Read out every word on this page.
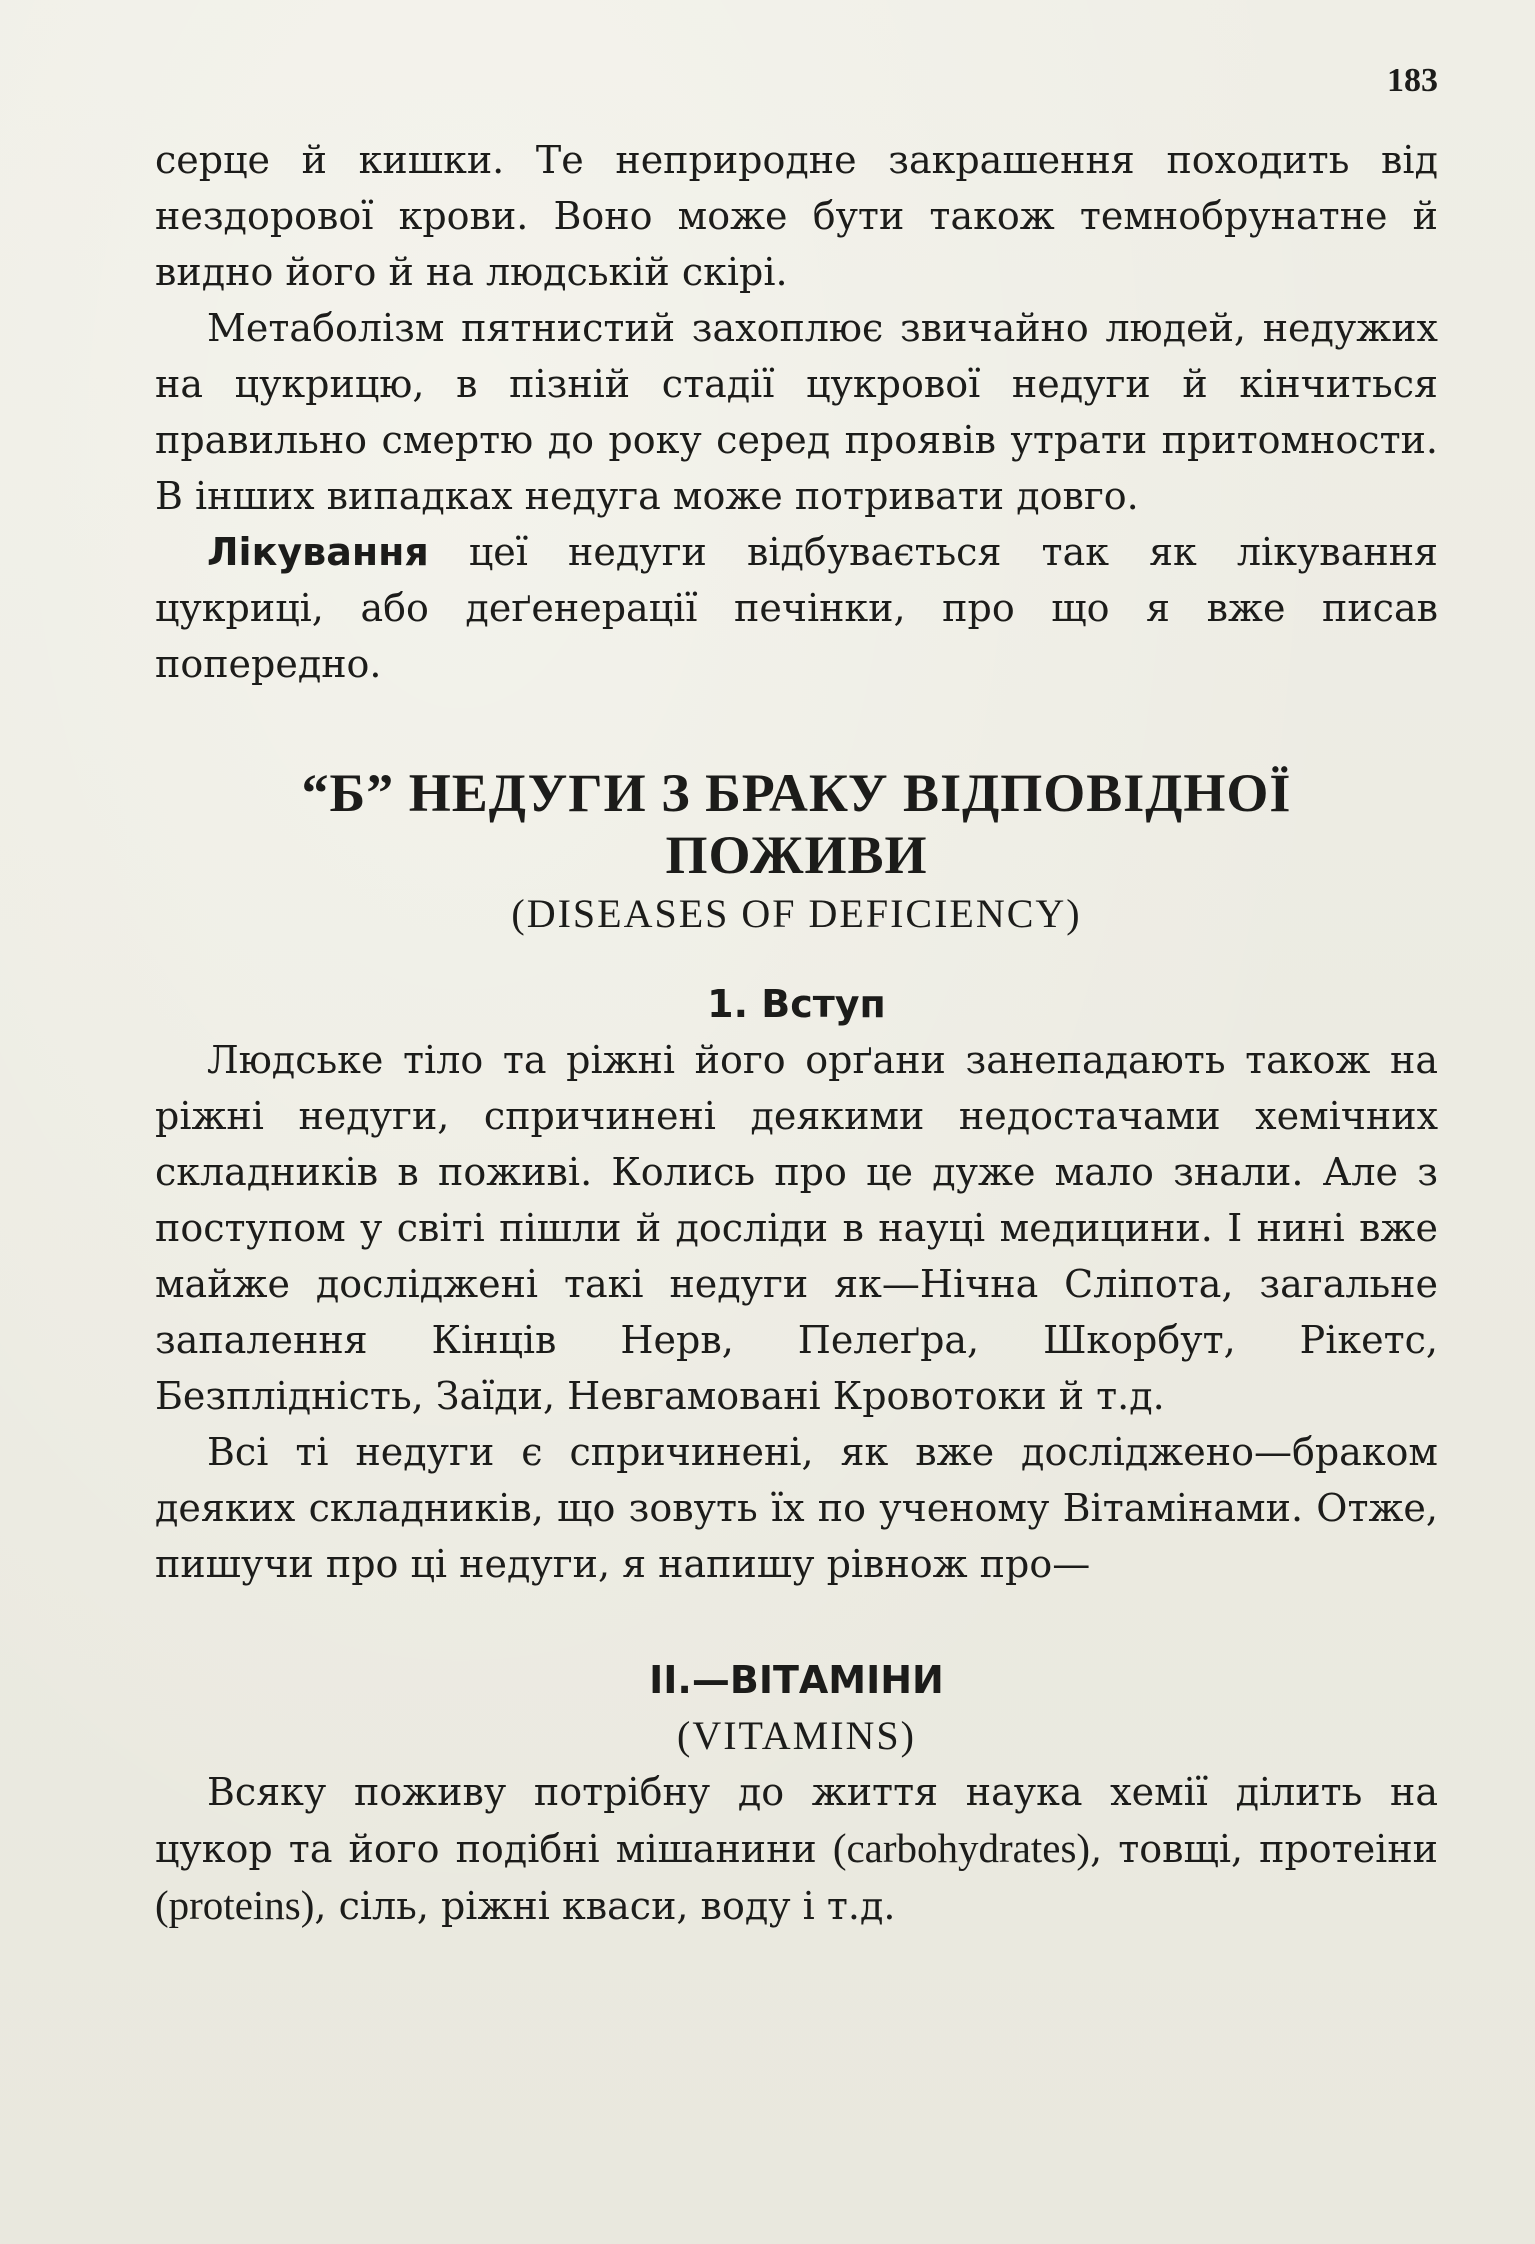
183

серце й кишки. Те неприродне закрашення походить від нездорової крови. Воно може бути також темнобрунатне й видно його й на людській скірі.

Метаболізм пятнистий захоплює звичайно людей, недужих на цукрицю, в пізній стадії цукрової недуги й кінчиться правильно смертю до року серед проявів утрати притомности. В інших випадках недуга може потривати довго.

Лікування цеї недуги відбувається так як лікування цукриці, або деґенерації печінки, про що я вже писав попередно.

“Б” НЕДУГИ З БРАКУ ВІДПОВІДНОЇ

ПОЖИВИ

(DISEASES OF DEFICIENCY)

1. Вступ

Людське тіло та ріжні його орґани занепадають також на ріжні недуги, спричинені деякими недостачами хемічних складників в поживі. Колись про це дуже мало знали. Але з поступом у світі пішли й досліди в науці медицини. І нині вже майже досліджені такі недуги як—Нічна Сліпота, загальне запалення Кінців Нерв, Пелеґра, Шкорбут, Рікетс, Безплідність, Заїди, Невгамовані Кровотоки й т.д.

Всі ті недуги є спричинені, як вже досліджено—браком деяких складників, що зовуть їх по ученому Вітамінами. Отже, пишучи про ці недуги, я напишу рівнож про—

II.—ВІТАМІНИ

(VITAMINS)

Всяку поживу потрібну до життя наука хемії ділить на цукор та його подібні мішанини (carbohydrates), товщі, протеіни (proteins), сіль, ріжні кваси, воду і т.д.
